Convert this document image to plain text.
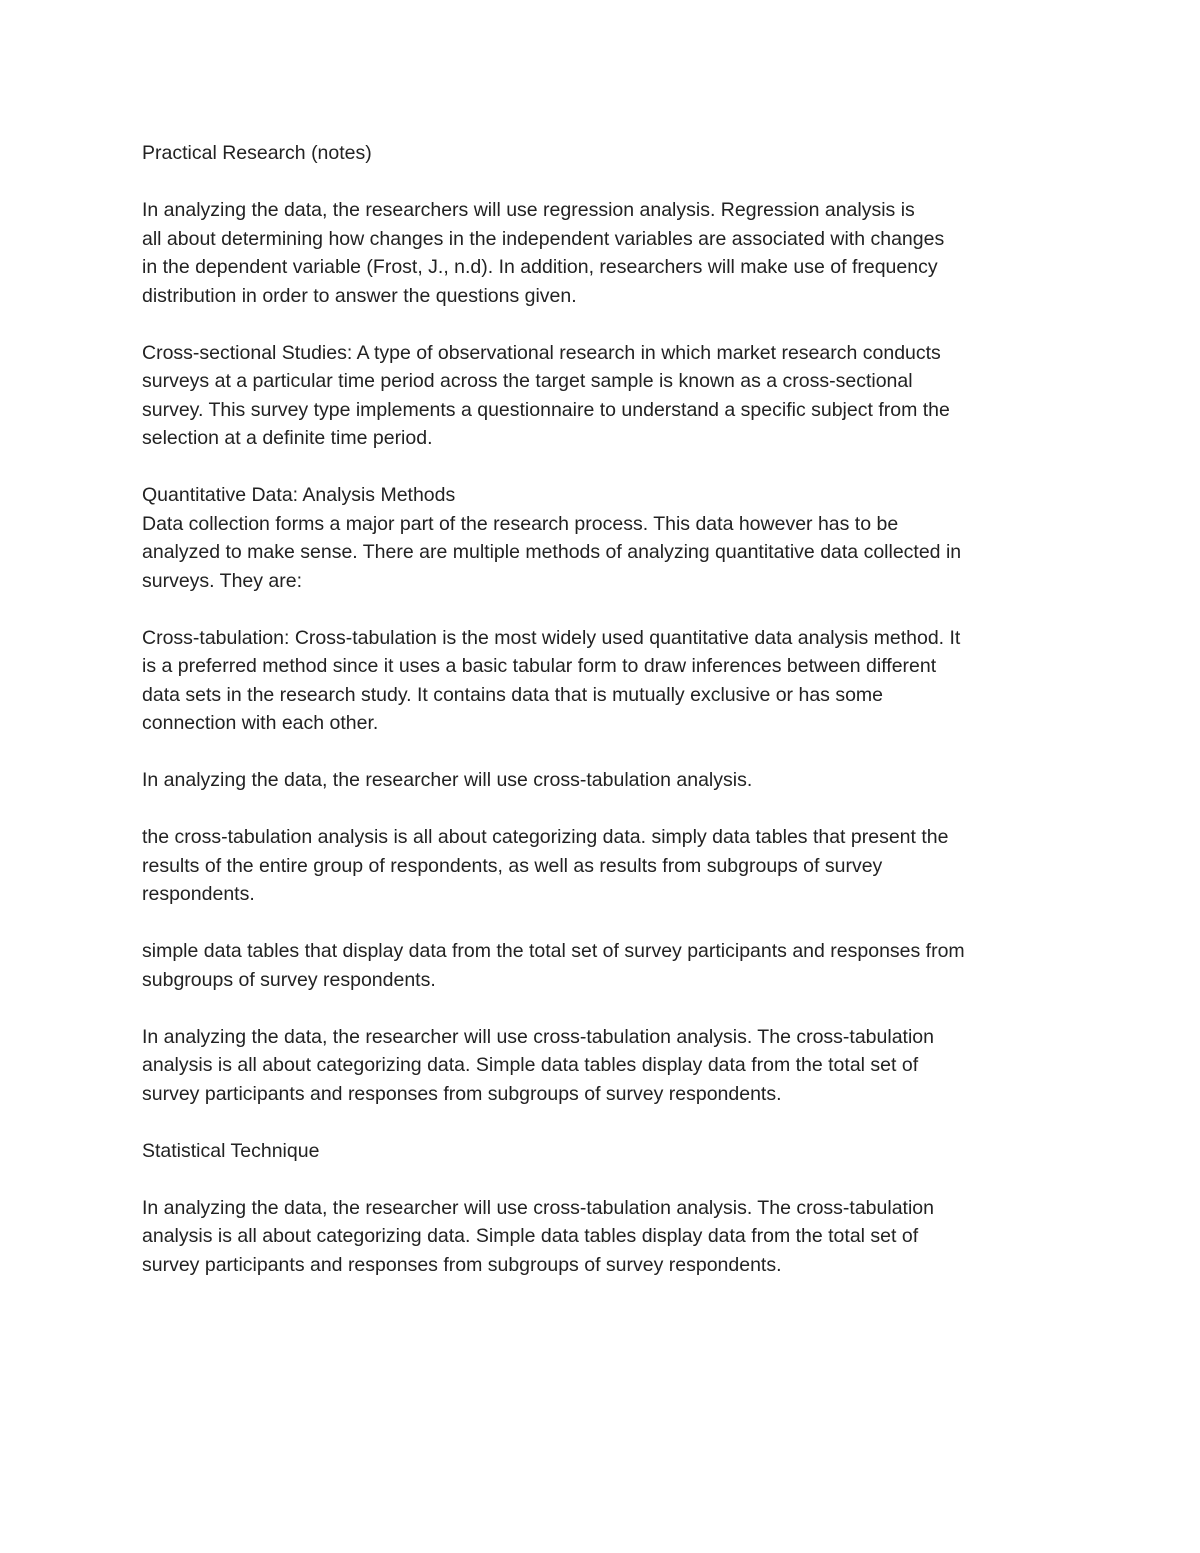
Practical Research (notes)
In analyzing the data, the researchers will use regression analysis. Regression analysis is
all about determining how changes in the independent variables are associated with changes
in the dependent variable (Frost, J., n.d). In addition, researchers will make use of frequency
distribution in order to answer the questions given.
Cross-sectional Studies: A type of observational research in which market research conducts
surveys at a particular time period across the target sample is known as a cross-sectional
survey. This survey type implements a questionnaire to understand a specific subject from the
selection at a definite time period.
Quantitative Data: Analysis Methods
Data collection forms a major part of the research process. This data however has to be
analyzed to make sense. There are multiple methods of analyzing quantitative data collected in
surveys. They are:
Cross-tabulation: Cross-tabulation is the most widely used quantitative data analysis method. It
is a preferred method since it uses a basic tabular form to draw inferences between different
data sets in the research study. It contains data that is mutually exclusive or has some
connection with each other.
In analyzing the data, the researcher will use cross-tabulation analysis.
the cross-tabulation analysis is all about categorizing data. simply data tables that present the
results of the entire group of respondents, as well as results from subgroups of survey
respondents.
simple data tables that display data from the total set of survey participants and responses from
subgroups of survey respondents.
In analyzing the data, the researcher will use cross-tabulation analysis. The cross-tabulation
analysis is all about categorizing data. Simple data tables display data from the total set of
survey participants and responses from subgroups of survey respondents.
Statistical Technique
In analyzing the data, the researcher will use cross-tabulation analysis. The cross-tabulation
analysis is all about categorizing data. Simple data tables display data from the total set of
survey participants and responses from subgroups of survey respondents.
